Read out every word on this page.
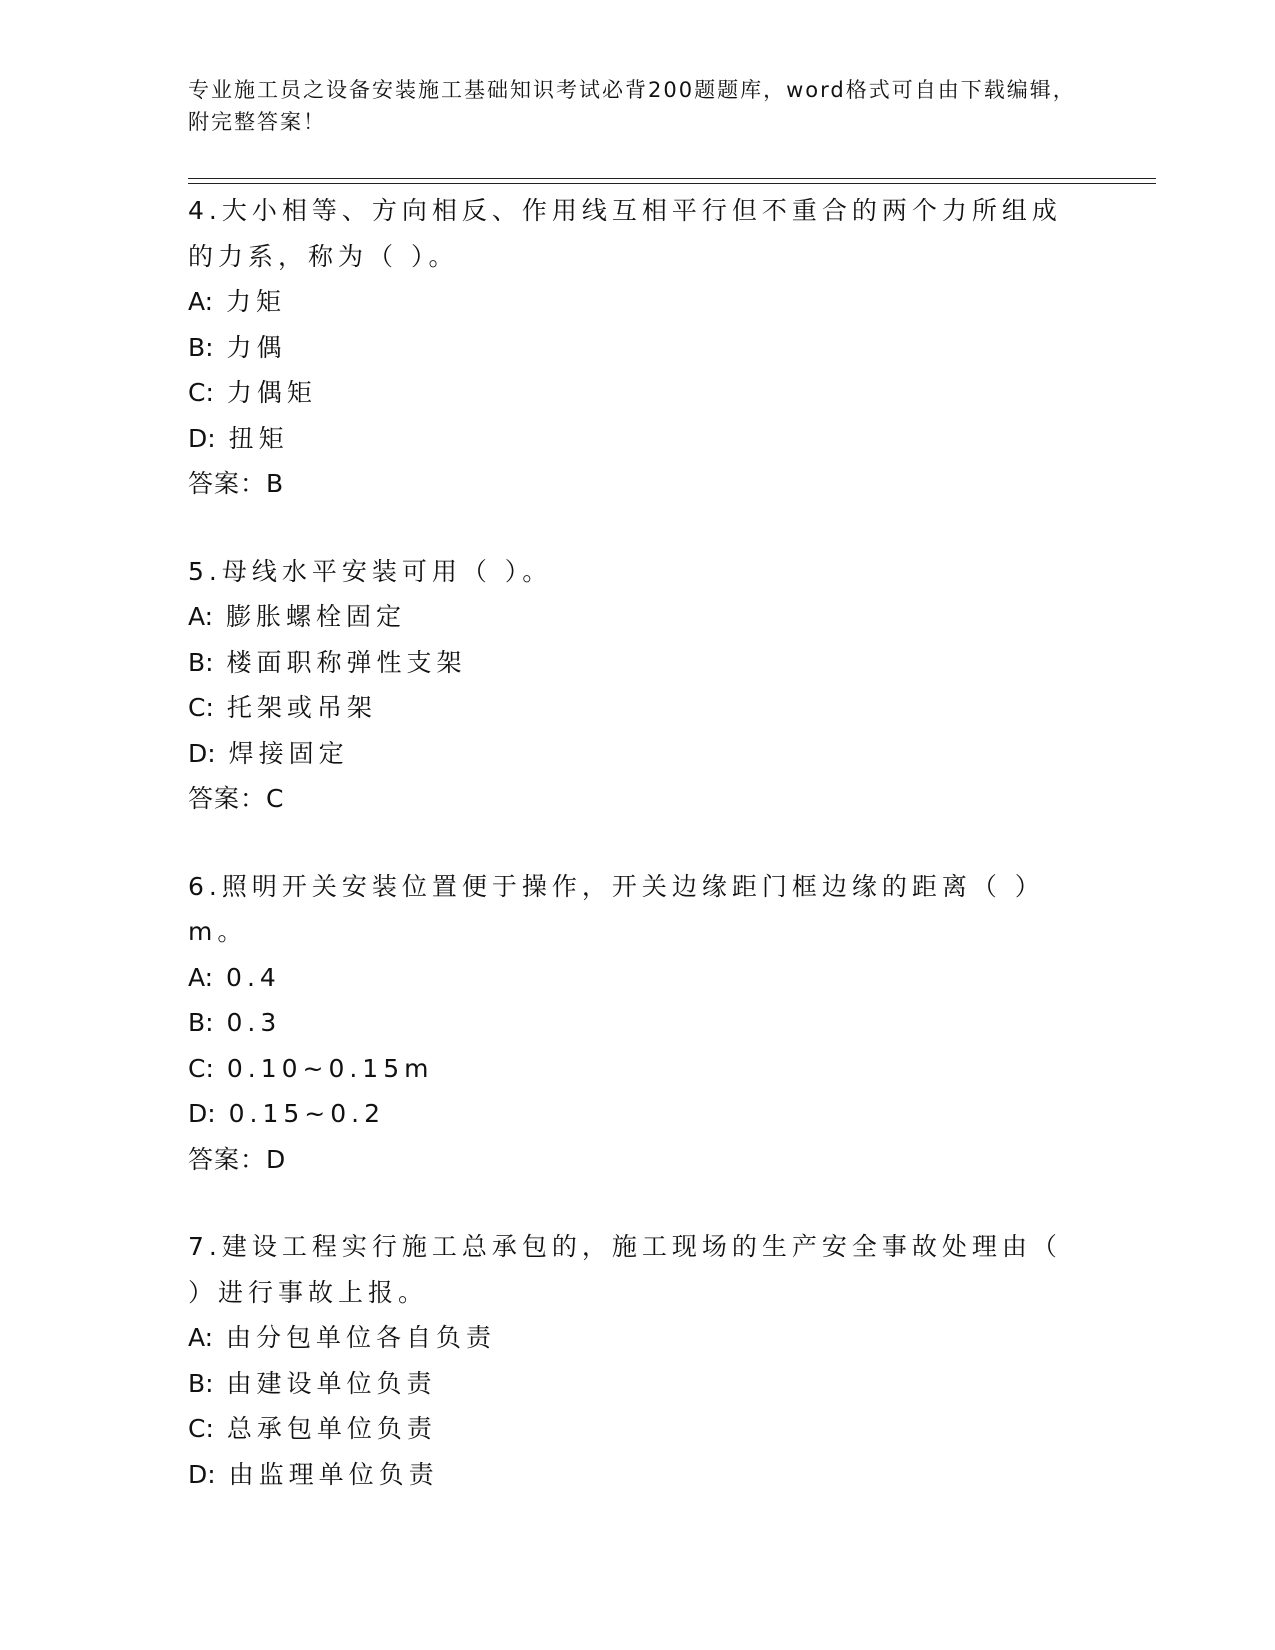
专业施工员之设备安装施工基础知识考试必背200题题库，word格式可自由下载编辑，附完整答案！

4.大小相等、方向相反、作用线互相平行但不重合的两个力所组成的力系，称为（ ）。

A: 力矩

B: 力偶

C: 力偶矩

D: 扭矩

答案：B

5.母线水平安装可用（ ）。

A: 膨胀螺栓固定

B: 楼面职称弹性支架

C: 托架或吊架

D: 焊接固定

答案：C

6.照明开关安装位置便于操作，开关边缘距门框边缘的距离（ ）m。

A: 0.4

B: 0.3

C: 0.10~0.15m

D: 0.15~0.2

答案：D

7.建设工程实行施工总承包的，施工现场的生产安全事故处理由（ ）进行事故上报。

A: 由分包单位各自负责

B: 由建设单位负责

C: 总承包单位负责

D: 由监理单位负责
